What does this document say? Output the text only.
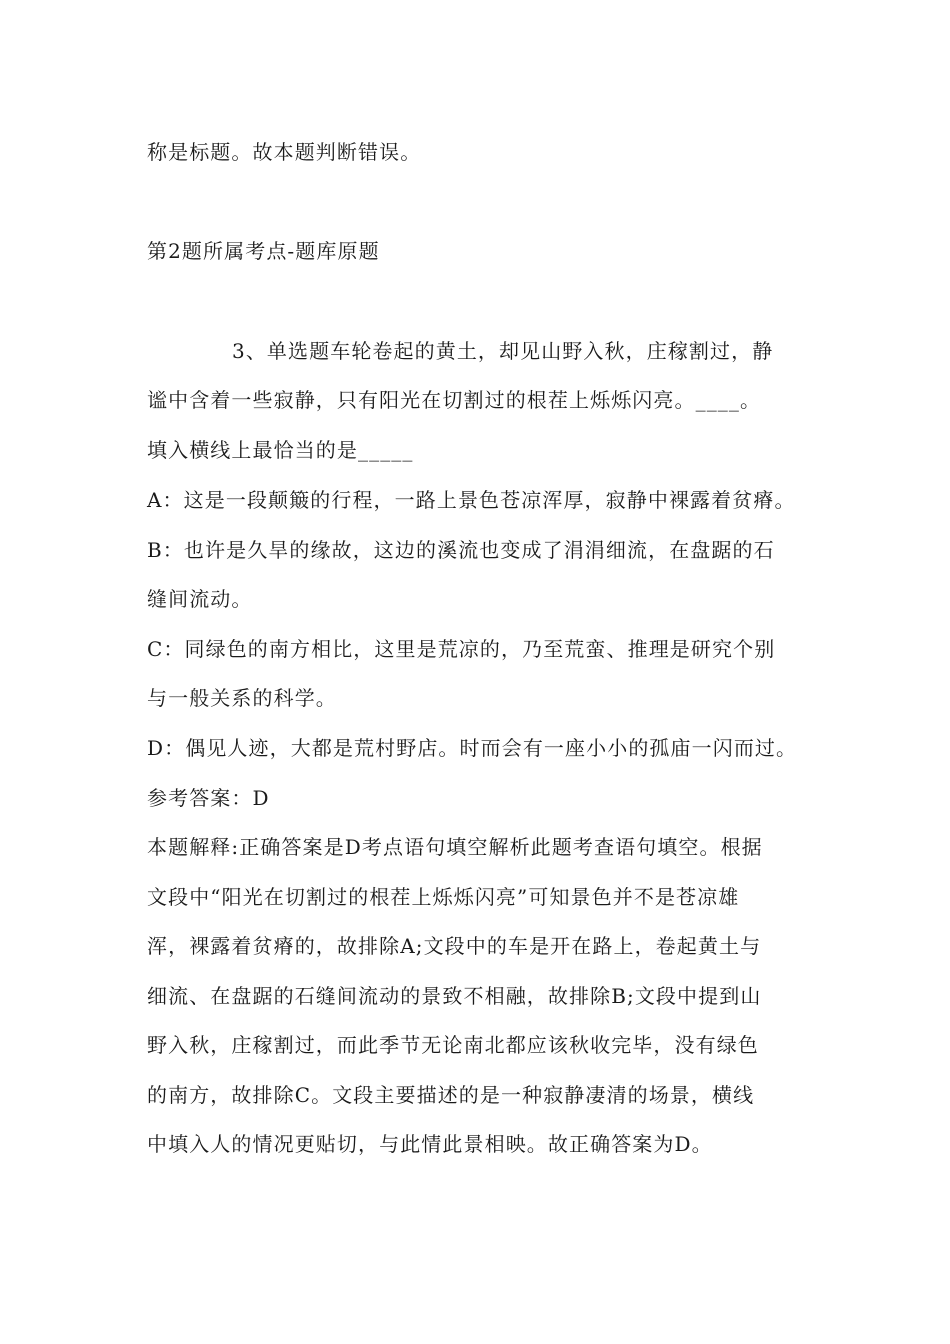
称是标题。故本题判断错误。
第2题所属考点-题库原题
3、单选题车轮卷起的黄土，却见山野入秋，庄稼割过，静
谧中含着一些寂静，只有阳光在切割过的根茬上烁烁闪亮。____。
填入横线上最恰当的是_____
A：这是一段颠簸的行程，一路上景色苍凉浑厚，寂静中裸露着贫瘠。
B：也许是久旱的缘故，这边的溪流也变成了涓涓细流，在盘踞的石
缝间流动。
C：同绿色的南方相比，这里是荒凉的，乃至荒蛮、推理是研究个别
与一般关系的科学。
D：偶见人迹，大都是荒村野店。时而会有一座小小的孤庙一闪而过。
参考答案：D
本题解释:正确答案是D考点语句填空解析此题考查语句填空。根据
文段中“阳光在切割过的根茬上烁烁闪亮”可知景色并不是苍凉雄
浑，裸露着贫瘠的，故排除A;文段中的车是开在路上，卷起黄土与
细流、在盘踞的石缝间流动的景致不相融，故排除B;文段中提到山
野入秋，庄稼割过，而此季节无论南北都应该秋收完毕，没有绿色
的南方，故排除C。文段主要描述的是一种寂静凄清的场景，横线
中填入人的情况更贴切，与此情此景相映。故正确答案为D。
